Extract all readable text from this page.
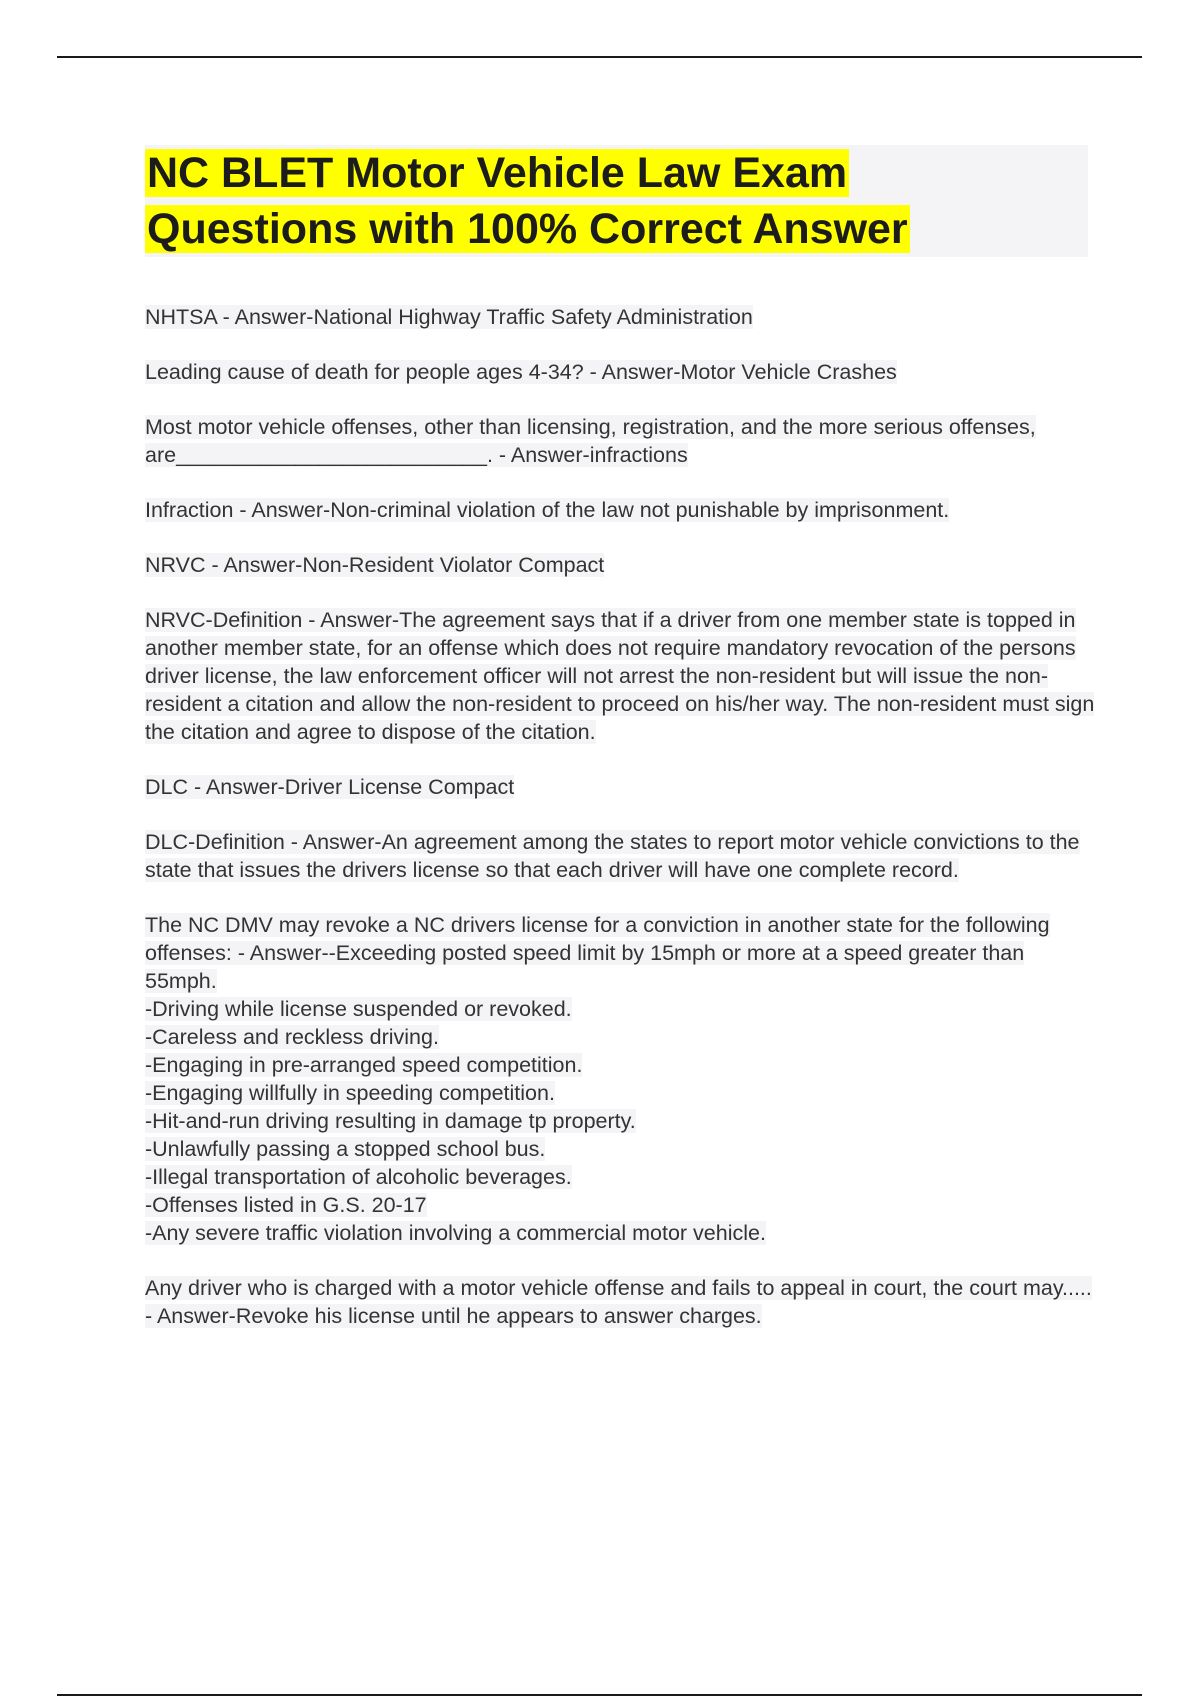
NC BLET Motor Vehicle Law Exam
Questions with 100% Correct Answer

NHTSA - Answer-National Highway Traffic Safety Administration

Leading cause of death for people ages 4-34? - Answer-Motor Vehicle Crashes

Most motor vehicle offenses, other than licensing, registration, and the more serious offenses, are__________________________. - Answer-infractions

Infraction - Answer-Non-criminal violation of the law not punishable by imprisonment.

NRVC - Answer-Non-Resident Violator Compact

NRVC-Definition - Answer-The agreement says that if a driver from one member state is topped in another member state, for an offense which does not require mandatory revocation of the persons driver license, the law enforcement officer will not arrest the non-resident but will issue the non-resident a citation and allow the non-resident to proceed on his/her way. The non-resident must sign the citation and agree to dispose of the citation.

DLC - Answer-Driver License Compact

DLC-Definition - Answer-An agreement among the states to report motor vehicle convictions to the state that issues the drivers license so that each driver will have one complete record.

The NC DMV may revoke a NC drivers license for a conviction in another state for the following offenses: - Answer--Exceeding posted speed limit by 15mph or more at a speed greater than 55mph.
-Driving while license suspended or revoked.
-Careless and reckless driving.
-Engaging in pre-arranged speed competition.
-Engaging willfully in speeding competition.
-Hit-and-run driving resulting in damage tp property.
-Unlawfully passing a stopped school bus.
-Illegal transportation of alcoholic beverages.
-Offenses listed in G.S. 20-17
-Any severe traffic violation involving a commercial motor vehicle.

Any driver who is charged with a motor vehicle offense and fails to appeal in court, the court may..... - Answer-Revoke his license until he appears to answer charges.
